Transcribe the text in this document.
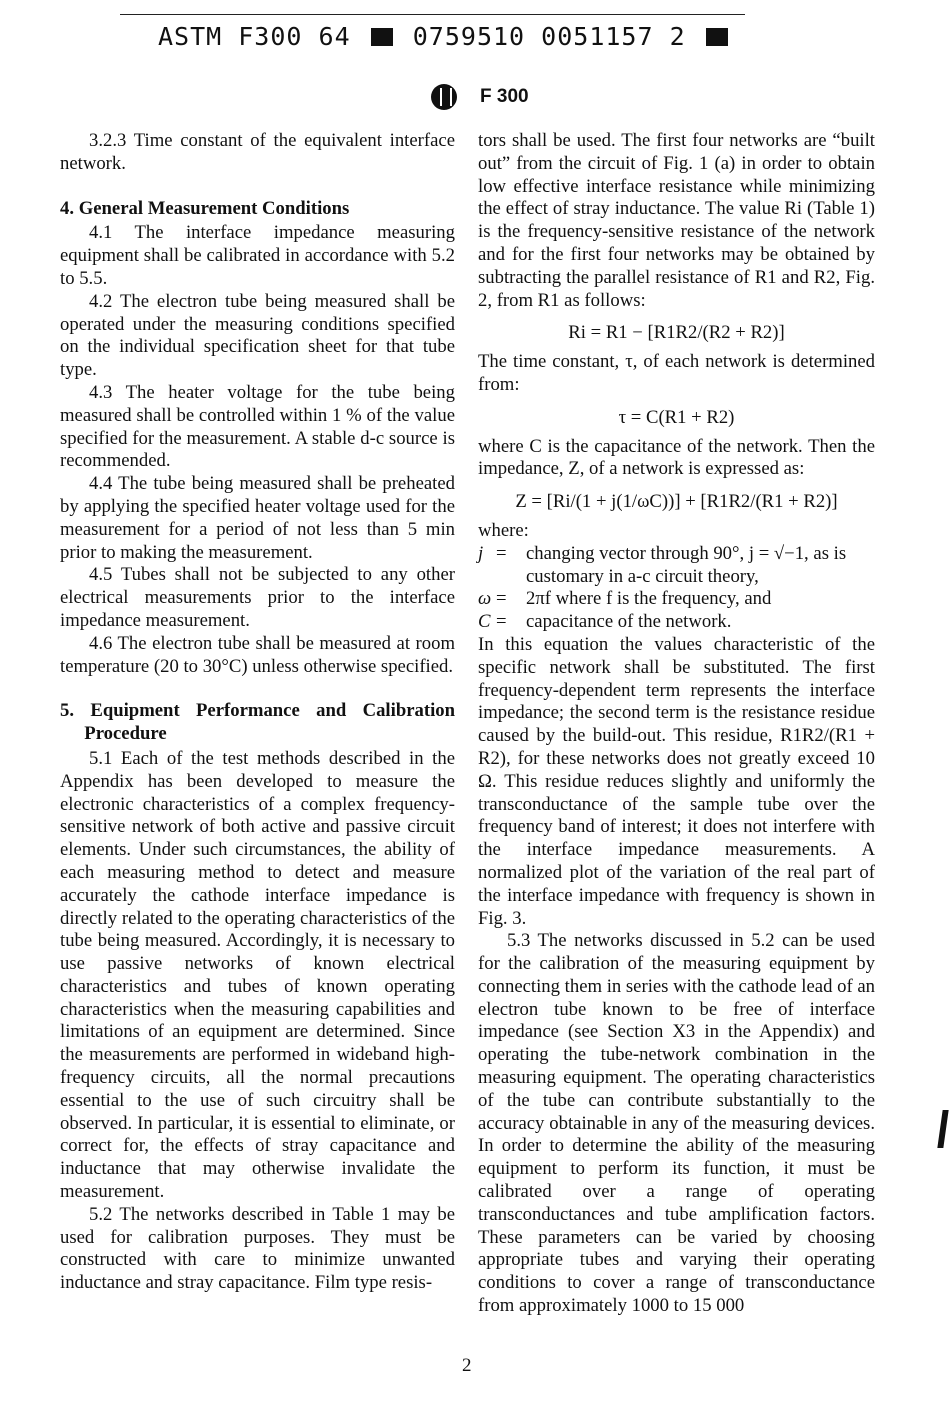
ASTM F300 64 0759510 0051157 2
F 300

3.2.3 Time constant of the equivalent interface network.

4. General Measurement Conditions

4.1 The interface impedance measuring equipment shall be calibrated in accordance with 5.2 to 5.5.

4.2 The electron tube being measured shall be operated under the measuring conditions specified on the individual specification sheet for that tube type.

4.3 The heater voltage for the tube being measured shall be controlled within 1 % of the value specified for the measurement. A stable d-c source is recommended.

4.4 The tube being measured shall be preheated by applying the specified heater voltage used for the measurement for a period of not less than 5 min prior to making the measurement.

4.5 Tubes shall not be subjected to any other electrical measurements prior to the interface impedance measurement.

4.6 The electron tube shall be measured at room temperature (20 to 30°C) unless otherwise specified.

5. Equipment Performance and Calibration Procedure

5.1 Each of the test methods described in the Appendix has been developed to measure the electronic characteristics of a complex frequency-sensitive network of both active and passive circuit elements. Under such circumstances, the ability of each measuring method to detect and measure accurately the cathode interface impedance is directly related to the operating characteristics of the tube being measured. Accordingly, it is necessary to use passive networks of known electrical characteristics and tubes of known operating characteristics when the measuring capabilities and limitations of an equipment are determined. Since the measurements are performed in wideband high-frequency circuits, all the normal precautions essential to the use of such circuitry shall be observed. In particular, it is essential to eliminate, or correct for, the effects of stray capacitance and inductance that may otherwise invalidate the measurement.

5.2 The networks described in Table 1 may be used for calibration purposes. They must be constructed with care to minimize unwanted inductance and stray capacitance. Film type resis-

tors shall be used. The first four networks are “built out” from the circuit of Fig. 1 (a) in order to obtain low effective interface resistance while minimizing the effect of stray inductance. The value Ri (Table 1) is the frequency-sensitive resistance of the network and for the first four networks may be obtained by subtracting the parallel resistance of R1 and R2, Fig. 2, from R1 as follows:

Ri = R1 − [R1R2/(R2 + R2)]

The time constant, τ, of each network is determined from:

τ = C(R1 + R2)

where C is the capacitance of the network. Then the impedance, Z, of a network is expressed as:

Z = [Ri/(1 + j(1/ωC))] + [R1R2/(R1 + R2)]

where:

j =	changing vector through 90°, j = √−1, as is customary in a-c circuit theory,
ω =	2πf where f is the frequency, and
C =	capacitance of the network.

In this equation the values characteristic of the specific network shall be substituted. The first frequency-dependent term represents the interface impedance; the second term is the resistance residue caused by the build-out. This residue, R1R2/(R1 + R2), for these networks does not greatly exceed 10 Ω. This residue reduces slightly and uniformly the transconductance of the sample tube over the frequency band of interest; it does not interfere with the interface impedance measurements. A normalized plot of the variation of the real part of the interface impedance with frequency is shown in Fig. 3.

5.3 The networks discussed in 5.2 can be used for the calibration of the measuring equipment by connecting them in series with the cathode lead of an electron tube known to be free of interface impedance (see Section X3 in the Appendix) and operating the tube-network combination in the measuring equipment. The operating characteristics of the tube can contribute substantially to the accuracy obtainable in any of the measuring devices. In order to determine the ability of the measuring equipment to perform its function, it must be calibrated over a range of operating transconductances and tube amplification factors. These parameters can be varied by choosing appropriate tubes and varying their operating conditions to cover a range of transconductance from approximately 1000 to 15 000

2
